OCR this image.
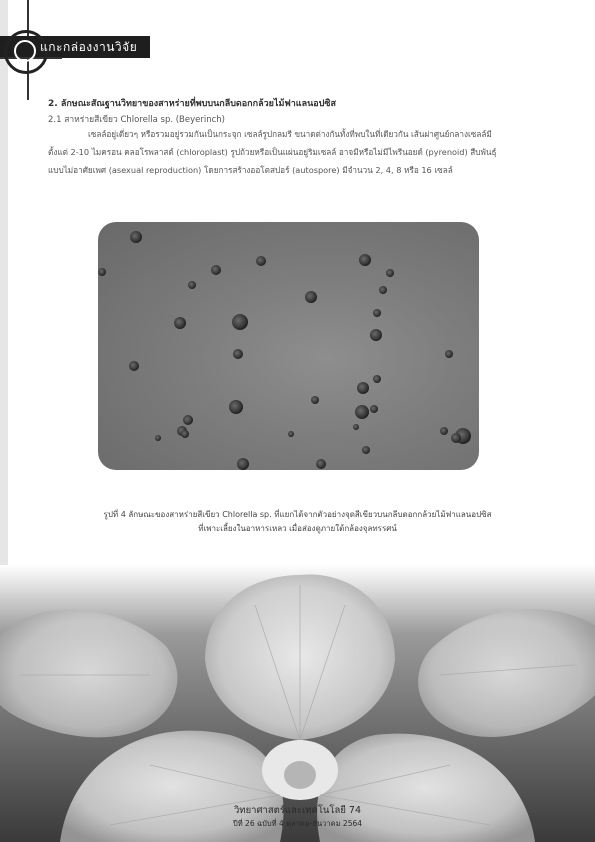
แกะกล่องงานวิจัย
2. ลักษณะสัณฐานวิทยาของสาหร่ายที่พบบนกลีบดอกกล้วยไม้ฟาแลนอปซิส
2.1 สาหร่ายสีเขียว Chlorella sp. (Beyerinch)
เซลล์อยู่เดี่ยวๆ หรือรวมอยู่รวมกันเป็นกระจุก เซลล์รูปกลมรี ขนาดต่างกันทั้งที่พบในที่เดียวกัน เส้นผ่าศูนย์กลางเซลล์มี
ตั้งแต่ 2-10 ไมครอน คลอโรพลาสต์ (chloroplast) รูปถ้วยหรือเป็นแผ่นอยู่ริมเซลล์ อาจมีหรือไม่มีไพรีนอยด์ (pyrenoid) สืบพันธุ์
แบบไม่อาศัยเพศ (asexual reproduction) โดยการสร้างออโตสปอร์ (autospore) มีจำนวน 2, 4, 8 หรือ 16 เซลล์
รูปที่ 4 ลักษณะของสาหร่ายสีเขียว Chlorella sp. ที่แยกได้จากตัวอย่างจุดสีเขียวบนกลีบดอกกล้วยไม้ฟาแลนอปซิส
ที่เพาะเลี้ยงในอาหารเหลว เมื่อส่องดูภายใต้กล้องจุลทรรศน์
วิทยาศาสตร์และเทคโนโลยี 74
ปีที่ 26 ฉบับที่ 4 ตุลาคม-ธันวาคม 2564
